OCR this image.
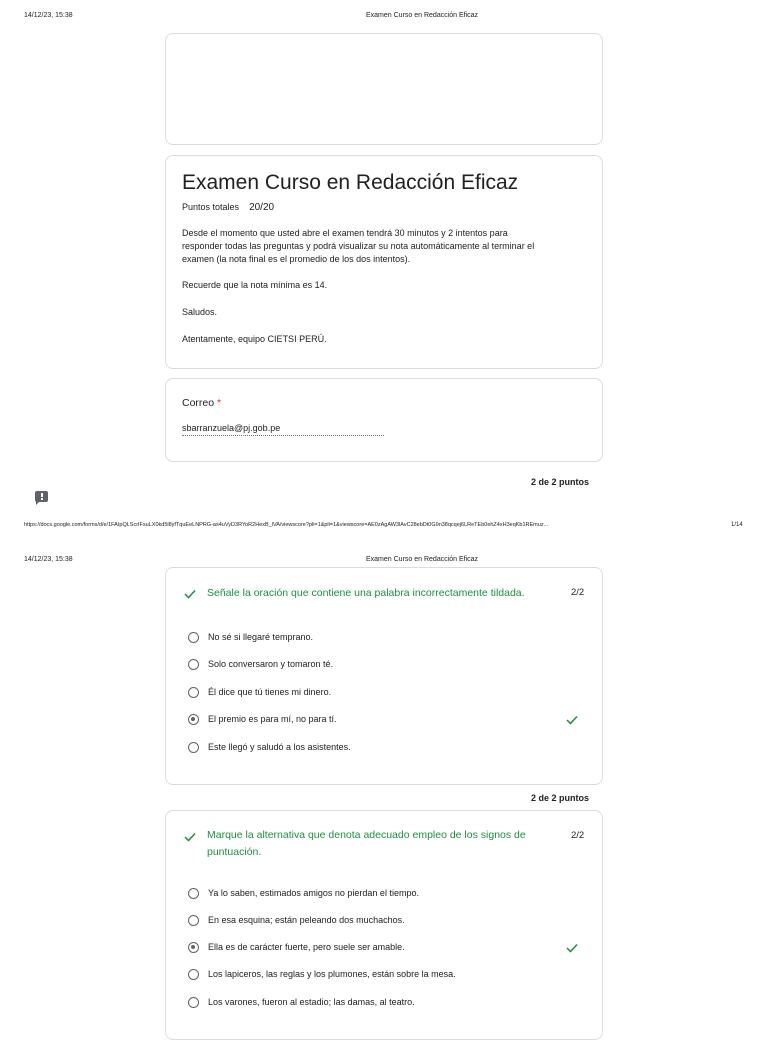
14/12/23, 15:38	Examen Curso en Redacción Eficaz
Examen Curso en Redacción Eficaz
Puntos totales 20/20
Desde el momento que usted abre el examen tendrá 30 minutos y 2 intentos para
responder todas las preguntas y podrá visualizar su nota automáticamente al terminar el
examen (la nota final es el promedio de los dos intentos).
Recuerde que la nota mínima es 14.
Saludos.
Atentamente, equipo CIETSI PERÚ.
Correo *
sbarranzuela@pj.gob.pe
2 de 2 puntos
https://docs.google.com/forms/d/e/1FAIpQLScrIFsuLX0kd5l8yfTquEeLNPRG-as4uVyD3RYoR2HexB_lVA/viewscore?pli=1&pli=1&viewscore=AE0zAgAW3lAvC28ebDt0G9n38qcqej6LReTEb0ehZ4xH3eqKb1REmuz...	1/14
14/12/23, 15:38	Examen Curso en Redacción Eficaz
Señale la oración que contiene una palabra incorrectamente tildada.	2/2
No sé si llegaré temprano.
Solo conversaron y tomaron té.
Él dice que tú tienes mi dinero.
El premio es para mí, no para tí.
Este llegó y saludó a los asistentes.
2 de 2 puntos
Marque la alternativa que denota adecuado empleo de los signos de
puntuación.
2/2
Ya lo saben, estimados amigos no pierdan el tiempo.
En esa esquina; están peleando dos muchachos.
Ella es de carácter fuerte, pero suele ser amable.
Los lapiceros, las reglas y los plumones, están sobre la mesa.
Los varones, fueron al estadio; las damas, al teatro.
